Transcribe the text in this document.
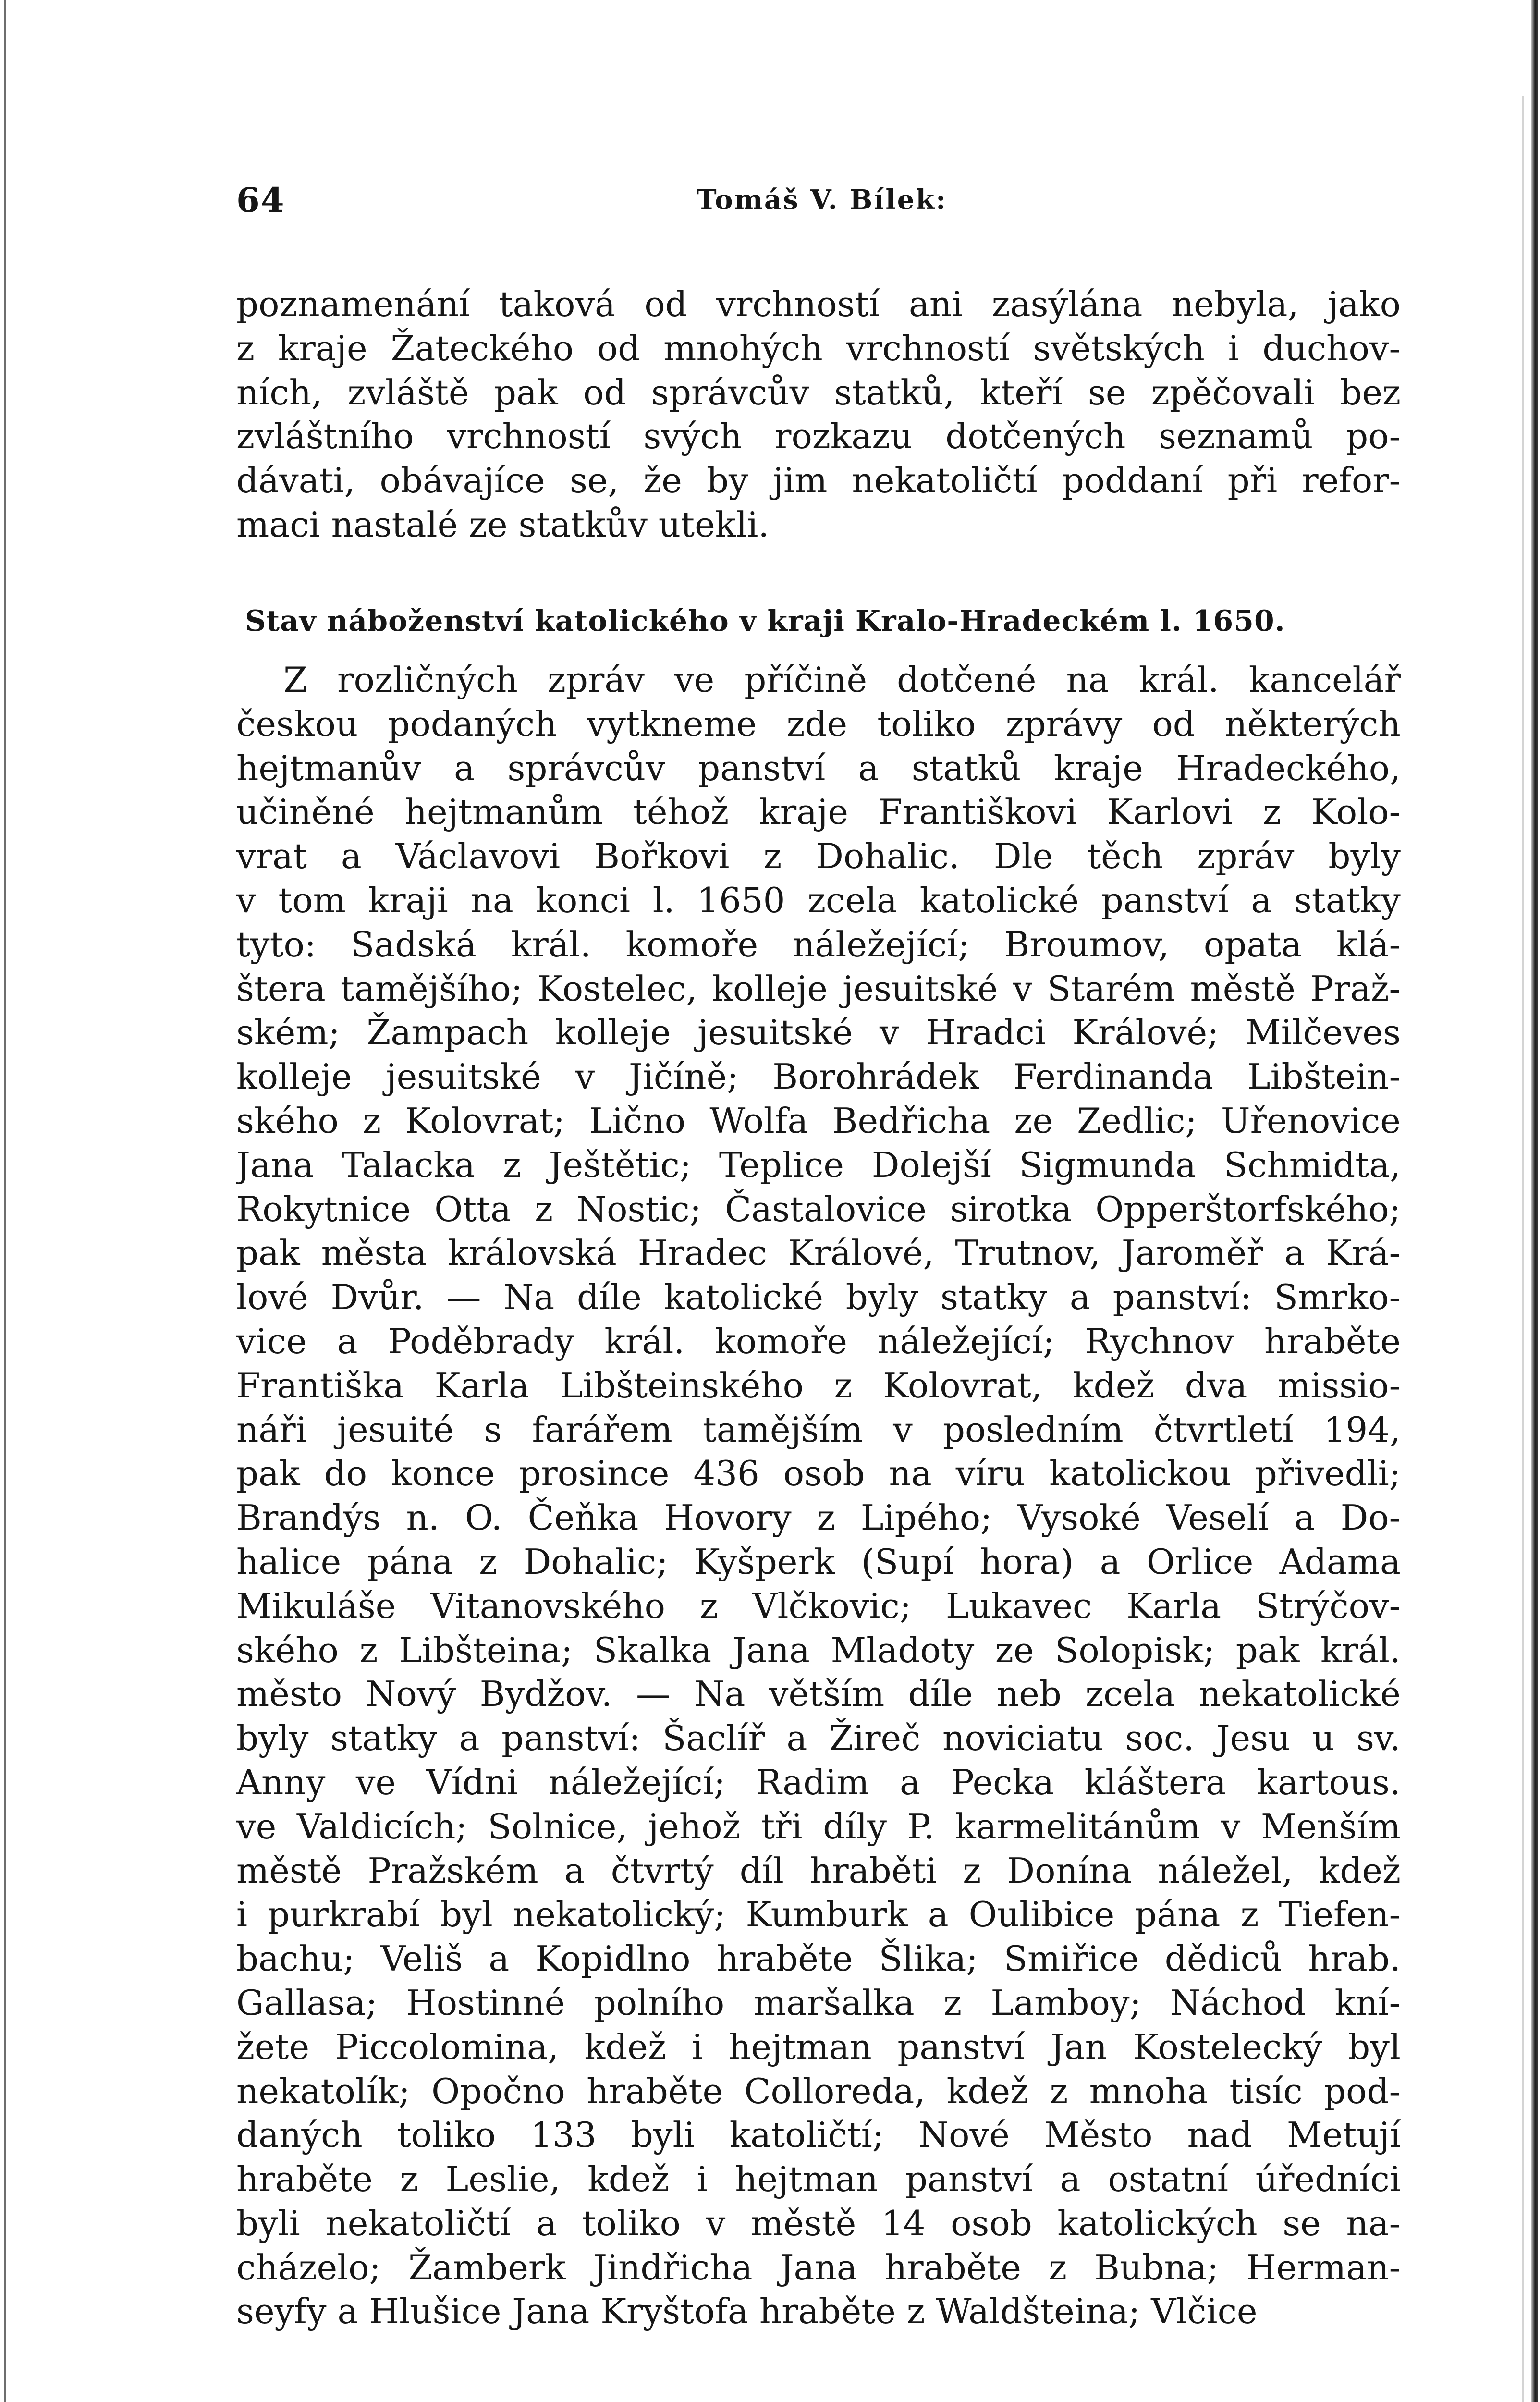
64	Tomáš V. Bílek:
poznamenání taková od vrchností ani zasýlána nebyla, jako
z kraje Žateckého od mnohých vrchností světských i duchov-
ních, zvláště pak od správcův statků, kteří se zpěčovali bez
zvláštního vrchností svých rozkazu dotčených seznamů po-
dávati, obávajíce se, že by jim nekatoličtí poddaní při refor-
maci nastalé ze statkův utekli.
Stav náboženství katolického v kraji Kralo-Hradeckém l. 1650.
Z rozličných zpráv ve příčině dotčené na král. kancelář
českou podaných vytkneme zde toliko zprávy od některých
hejtmanův a správcův panství a statků kraje Hradeckého,
učiněné hejtmanům téhož kraje Františkovi Karlovi z Kolo-
vrat a Václavovi Bořkovi z Dohalic. Dle těch zpráv byly
v tom kraji na konci l. 1650 zcela katolické panství a statky
tyto: Sadská král. komoře náležející; Broumov, opata klá-
štera tamějšího; Kostelec, kolleje jesuitské v Starém městě Praž-
ském; Žampach kolleje jesuitské v Hradci Králové; Milčeves
kolleje jesuitské v Jičíně; Borohrádek Ferdinanda Libštein-
ského z Kolovrat; Lično Wolfa Bedřicha ze Zedlic; Uřenovice
Jana Talacka z Ještětic; Teplice Dolejší Sigmunda Schmidta,
Rokytnice Otta z Nostic; Častalovice sirotka Opperštorfského;
pak města královská Hradec Králové, Trutnov, Jaroměř a Krá-
lové Dvůr. — Na díle katolické byly statky a panství: Smrko-
vice a Poděbrady král. komoře náležející; Rychnov hraběte
Františka Karla Libšteinského z Kolovrat, kdež dva missio-
náři jesuité s farářem tamějším v posledním čtvrtletí 194,
pak do konce prosince 436 osob na víru katolickou přivedli;
Brandýs n. O. Čeňka Hovory z Lipého; Vysoké Veselí a Do-
halice pána z Dohalic; Kyšperk (Supí hora) a Orlice Adama
Mikuláše Vitanovského z Vlčkovic; Lukavec Karla Strýčov-
ského z Libšteina; Skalka Jana Mladoty ze Solopisk; pak král.
město Nový Bydžov. — Na větším díle neb zcela nekatolické
byly statky a panství: Šaclíř a Žireč noviciatu soc. Jesu u sv.
Anny ve Vídni náležející; Radim a Pecka kláštera kartous.
ve Valdicích; Solnice, jehož tři díly P. karmelitánům v Menším
městě Pražském a čtvrtý díl hraběti z Donína náležel, kdež
i purkrabí byl nekatolický; Kumburk a Oulibice pána z Tiefen-
bachu; Veliš a Kopidlno hraběte Šlika; Smiřice dědiců hrab.
Gallasa; Hostinné polního maršalka z Lamboy; Náchod kní-
žete Piccolomina, kdež i hejtman panství Jan Kostelecký byl
nekatolík; Opočno hraběte Colloreda, kdež z mnoha tisíc pod-
daných toliko 133 byli katoličtí; Nové Město nad Metují
hraběte z Leslie, kdež i hejtman panství a ostatní úředníci
byli nekatoličtí a toliko v městě 14 osob katolických se na-
cházelo; Žamberk Jindřicha Jana hraběte z Bubna; Herman-
seyfy a Hlušice Jana Kryštofa hraběte z Waldšteina; Vlčice
